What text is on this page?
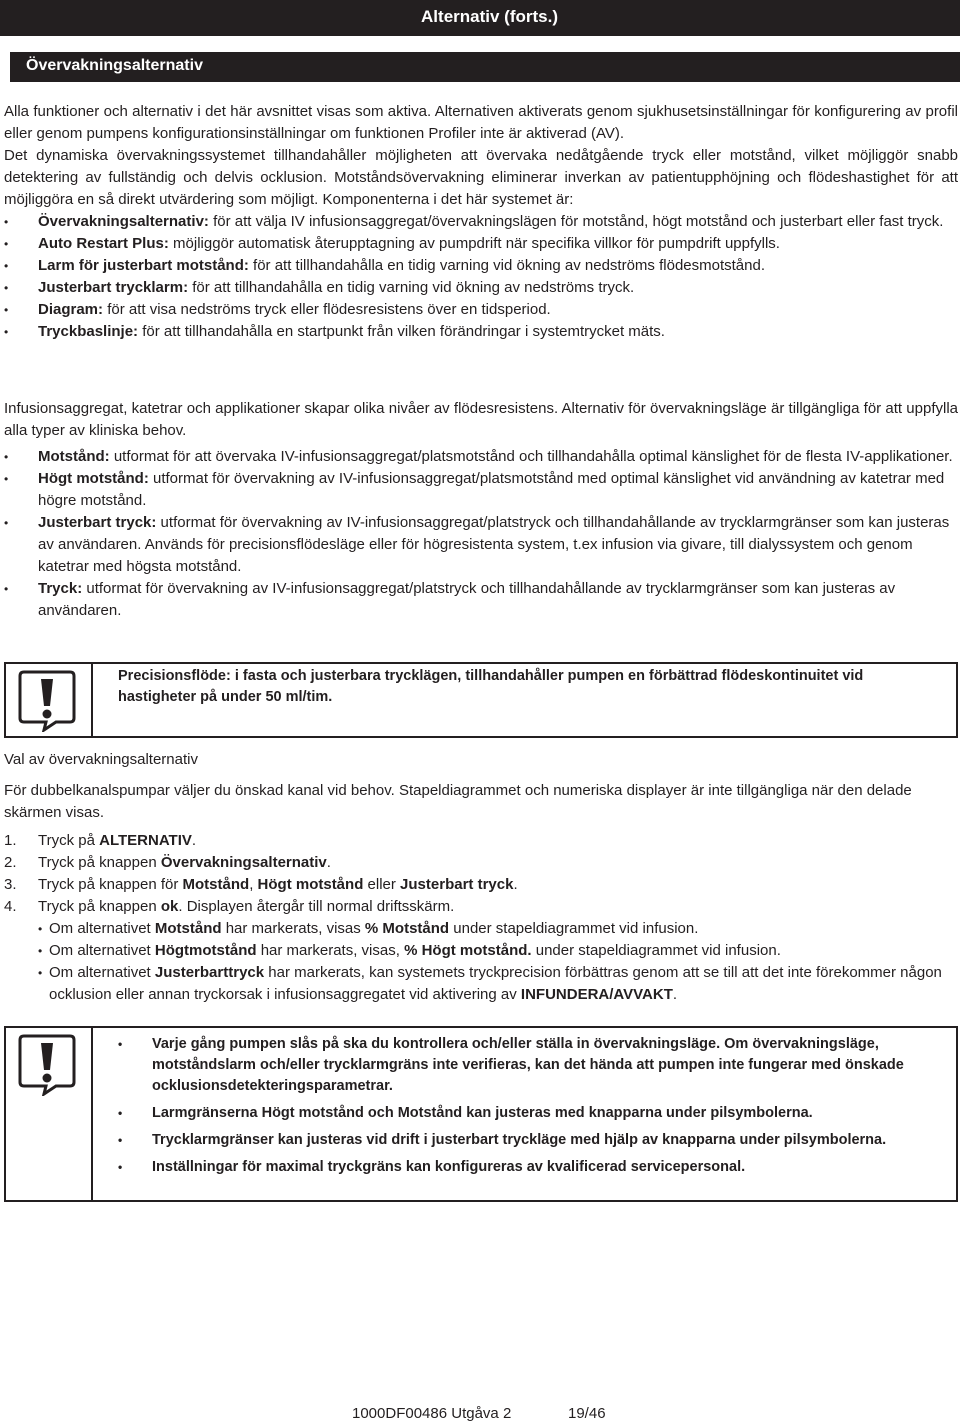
Alternativ (forts.)
Övervakningsalternativ

Alla funktioner och alternativ i det här avsnittet visas som aktiva. Alternativen aktiverats genom sjukhusetsinställningar för konfigurering av profil eller genom pumpens konfigurationsinställningar om funktionen Profiler inte är aktiverad (AV).

Det dynamiska övervakningssystemet tillhandahåller möjligheten att övervaka nedåtgående tryck eller motstånd, vilket möjliggör snabb detektering av fullständig och delvis ocklusion. Motståndsövervakning eliminerar inverkan av patientupphöjning och flödeshastighet för att möjliggöra en så direkt utvärdering som möjligt. Komponenterna i det här systemet är:

• Övervakningsalternativ: för att välja IV infusionsaggregat/övervakningslägen för motstånd, högt motstånd och justerbart eller fast tryck.
• Auto Restart Plus: möjliggör automatisk återupptagning av pumpdrift när specifika villkor för pumpdrift uppfylls.
• Larm för justerbart motstånd: för att tillhandahålla en tidig varning vid ökning av nedströms flödesmotstånd.
• Justerbart trycklarm: för att tillhandahålla en tidig varning vid ökning av nedströms tryck.
• Diagram: för att visa nedströms tryck eller flödesresistens över en tidsperiod.
• Tryckbaslinje: för att tillhandahålla en startpunkt från vilken förändringar i systemtrycket mäts.

Infusionsaggregat, katetrar och applikationer skapar olika nivåer av flödesresistens. Alternativ för övervakningsläge är tillgängliga för att uppfylla alla typer av kliniska behov.

• Motstånd: utformat för att övervaka IV-infusionsaggregat/platsmotstånd och tillhandahålla optimal känslighet för de flesta IV-applikationer.
• Högt motstånd: utformat för övervakning av IV-infusionsaggregat/platsmotstånd med optimal känslighet vid användning av katetrar med högre motstånd.
• Justerbart tryck: utformat för övervakning av IV-infusionsaggregat/platstryck och tillhandahållande av trycklarmgränser som kan justeras av användaren. Används för precisionsflödesläge eller för högresistenta system, t.ex infusion via givare, till dialyssystem och genom katetrar med högsta motstånd.
• Tryck: utformat för övervakning av IV-infusionsaggregat/platstryck och tillhandahållande av trycklarmgränser som kan justeras av användaren.
Precisionsflöde: i fasta och justerbara trycklägen, tillhandahåller pumpen en förbättrad flödeskontinuitet vid hastigheter på under 50 ml/tim.
Val av övervakningsalternativ

För dubbelkanalspumpar väljer du önskad kanal vid behov. Stapeldiagrammet och numeriska displayer är inte tillgängliga när den delade skärmen visas.

1. Tryck på ALTERNATIV.
2. Tryck på knappen Övervakningsalternativ.
3. Tryck på knappen för Motstånd, Högt motstånd eller Justerbart tryck.
4. Tryck på knappen ok. Displayen återgår till normal driftsskärm.
• Om alternativet Motstånd har markerats, visas % Motstånd under stapeldiagrammet vid infusion.
• Om alternativet Högtmotstånd har markerats, visas, % Högt motstånd. under stapeldiagrammet vid infusion.
• Om alternativet Justerbarttryck har markerats, kan systemets tryckprecision förbättras genom att se till att det inte förekommer någon ocklusion eller annan tryckorsak i infusionsaggregatet vid aktivering av INFUNDERA/AVVAKT.
• Varje gång pumpen slås på ska du kontrollera och/eller ställa in övervakningsläge. Om övervakningsläge, motståndslarm och/eller trycklarmgräns inte verifieras, kan det hända att pumpen inte fungerar med önskade ocklusionsdetekteringsparametrar.
• Larmgränserna Högt motstånd och Motstånd kan justeras med knapparna under pilsymbolerna.
• Trycklarmgränser kan justeras vid drift i justerbart tryckläge med hjälp av knapparna under pilsymbolerna.
• Inställningar för maximal tryckgräns kan konfigureras av kvalificerad servicepersonal.
1000DF00486 Utgåva 2	19/46
